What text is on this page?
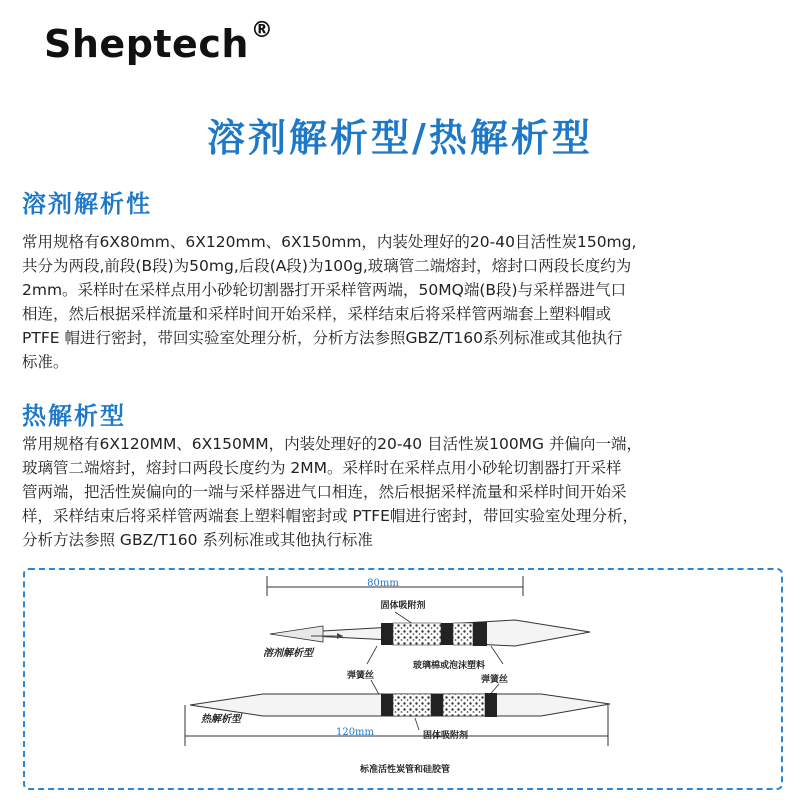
Sheptech®
溶剂解析型/热解析型
溶剂解析性
常用规格有6X80mm、6X120mm、6X150mm，内装处理好的20-40目活性炭150mg,
共分为两段,前段(B段)为50mg,后段(A段)为100g,玻璃管二端熔封，熔封口两段长度约为
2mm。采样时在采样点用小砂轮切割器打开采样管两端，50MQ端(B段)与采样器进气口
相连，然后根据采样流量和采样时间开始采样，采样结束后将采样管两端套上塑料帽或
PTFE 帽进行密封，带回实验室处理分析，分析方法参照GBZ/T160系列标准或其他执行
标准。
热解析型
常用规格有6X120MM、6X150MM，内装处理好的20-40 目活性炭100MG 并偏向一端，
玻璃管二端熔封，熔封口两段长度约为 2MM。采样时在采样点用小砂轮切割器打开采样
管两端，把活性炭偏向的一端与采样器进气口相连，然后根据采样流量和采样时间开始采
样，采样结束后将采样管两端套上塑料帽密封或 PTFE帽进行密封，带回实验室处理分析，
分析方法参照 GBZ/T160 系列标准或其他执行标准
80mm
固体吸附剂
溶剂解析型
玻璃棉或泡沫塑料
弹簧丝	弹簧丝
热解析型
120mm	固体吸附剂
标准活性炭管和硅胶管
